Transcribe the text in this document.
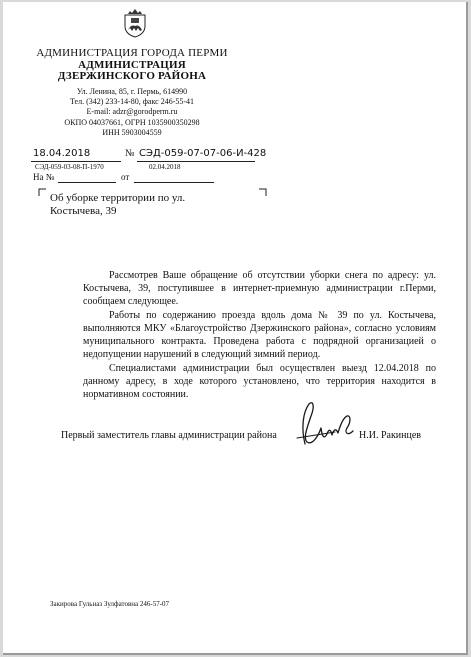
АДМИНИСТРАЦИЯ ГОРОДА ПЕРМИ
АДМИНИСТРАЦИЯ
ДЗЕРЖИНСКОГО РАЙОНА
Ул. Ленина, 85, г. Пермь, 614990
Тел. (342) 233-14-80, факс 246-55-41
E-mail: adzr@gorodperm.ru
ОКПО 04037661, ОГРН 1035900350298
ИНН 5903004559
18.04.2018	№ СЭД-059-07-07-06-И-428
СЭД-059-03-08-П-1970	02.04.2018
На №	от
Об уборке территории по ул.
Костычева, 39

Рассмотрев Ваше обращение об отсутствии уборки снега по адресу: ул. Костычева, 39, поступившее в интернет-приемную администрации г.Перми, сообщаем следующее.

Работы по содержанию проезда вдоль дома № 39 по ул. Костычева, выполняются МКУ «Благоустройство Дзержинского района», согласно условиям муниципального контракта. Проведена работа с подрядной организацией о недопущении нарушений в следующий зимний период.

Специалистами администрации был осуществлен выезд 12.04.2018 по данному адресу, в ходе которого установлено, что территория находится в нормативном состоянии.

Первый заместитель главы администрации района	Н.И. Ракинцев
Закирова Гульназ Зулфатовна 246-57-07
